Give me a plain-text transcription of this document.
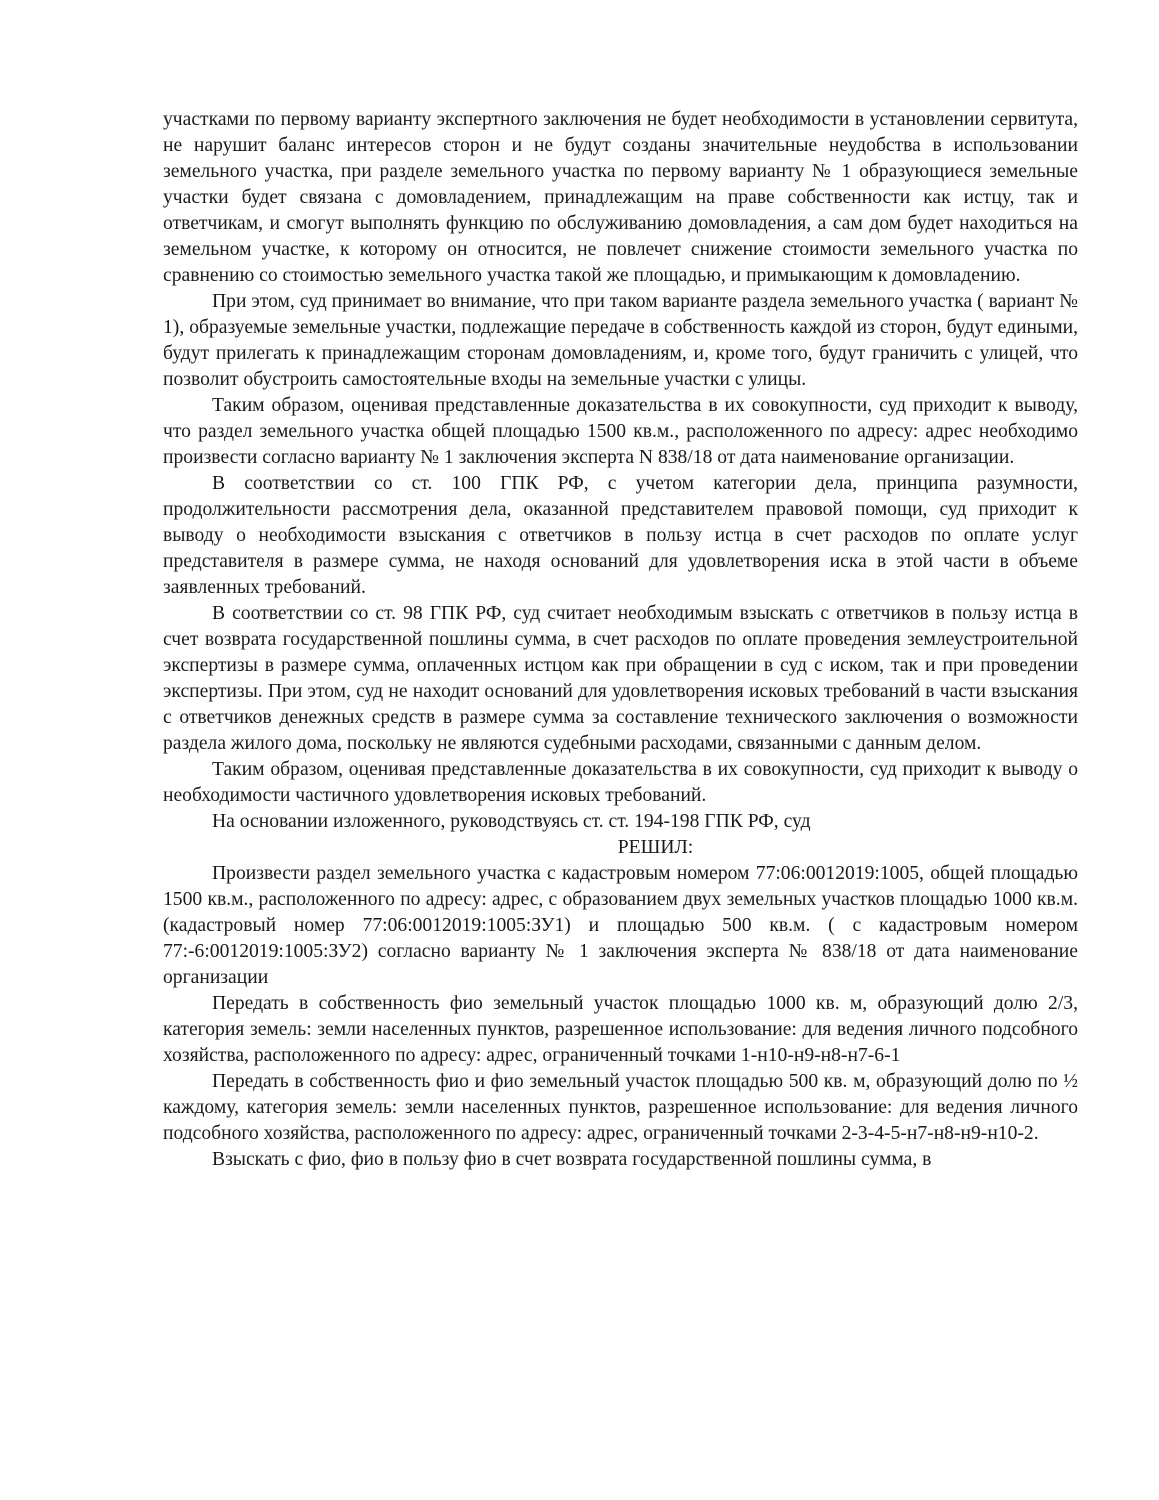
участками по первому варианту экспертного заключения не будет необходимости в установлении сервитута, не нарушит баланс интересов сторон и не будут созданы значительные неудобства в использовании земельного участка, при разделе земельного участка по первому варианту № 1 образующиеся земельные участки будет связана с домовладением, принадлежащим на праве собственности как истцу, так и ответчикам, и смогут выполнять функцию по обслуживанию домовладения, а сам дом будет находиться на земельном участке, к которому он относится, не повлечет снижение стоимости земельного участка по сравнению со стоимостью земельного участка такой же площадью, и примыкающим к домовладению.

При этом, суд принимает во внимание, что при таком варианте раздела земельного участка ( вариант № 1), образуемые земельные участки, подлежащие передаче в собственность каждой из сторон, будут едиными, будут прилегать к принадлежащим сторонам домовладениям, и, кроме того, будут граничить с улицей, что позволит обустроить самостоятельные входы на земельные участки с улицы.

Таким образом, оценивая представленные доказательства в их совокупности, суд приходит к выводу, что раздел земельного участка общей площадью 1500 кв.м., расположенного по адресу: адрес необходимо произвести согласно варианту № 1 заключения эксперта N 838/18 от дата наименование организации.

В соответствии со ст. 100 ГПК РФ, с учетом категории дела, принципа разумности, продолжительности рассмотрения дела, оказанной представителем правовой помощи, суд приходит к выводу о необходимости взыскания с ответчиков в пользу истца в счет расходов по оплате услуг представителя в размере сумма, не находя оснований для удовлетворения иска в этой части в объеме заявленных требований.

В соответствии со ст. 98 ГПК РФ, суд считает необходимым взыскать с ответчиков в пользу истца в счет возврата государственной пошлины сумма, в счет расходов по оплате проведения землеустроительной экспертизы в размере сумма, оплаченных истцом как при обращении в суд с иском, так и при проведении экспертизы. При этом, суд не находит оснований для удовлетворения исковых требований в части взыскания с ответчиков денежных средств в размере сумма за составление технического заключения о возможности раздела жилого дома, поскольку не являются судебными расходами, связанными с данным делом.

Таким образом, оценивая представленные доказательства в их совокупности, суд приходит к выводу о необходимости частичного удовлетворения исковых требований.

На основании изложенного, руководствуясь ст. ст. 194-198 ГПК РФ, суд

РЕШИЛ:

Произвести раздел земельного участка с кадастровым номером 77:06:0012019:1005, общей площадью 1500 кв.м., расположенного по адресу: адрес, с образованием двух земельных участков площадью 1000 кв.м. (кадастровый номер 77:06:0012019:1005:ЗУ1) и площадью 500 кв.м. ( с кадастровым номером 77:-6:0012019:1005:ЗУ2) согласно варианту № 1 заключения эксперта № 838/18 от дата наименование организации

Передать в собственность фио земельный участок площадью 1000 кв. м, образующий долю 2/3, категория земель: земли населенных пунктов, разрешенное использование: для ведения личного подсобного хозяйства, расположенного по адресу: адрес, ограниченный точками 1-н10-н9-н8-н7-6-1

Передать в собственность фио и фио земельный участок площадью 500 кв. м, образующий долю по ½ каждому, категория земель: земли населенных пунктов, разрешенное использование: для ведения личного подсобного хозяйства, расположенного по адресу: адрес, ограниченный точками 2-3-4-5-н7-н8-н9-н10-2.

Взыскать с фио, фио в пользу фио в счет возврата государственной пошлины сумма, в
